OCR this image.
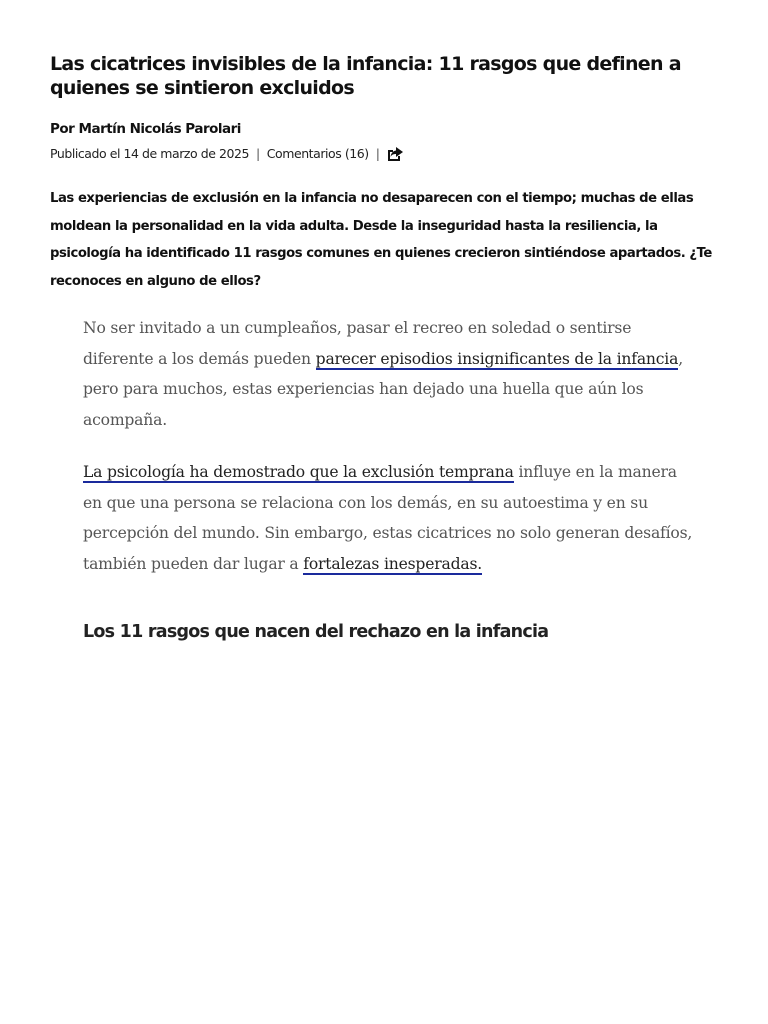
Las cicatrices invisibles de la infancia: 11 rasgos que definen a quienes se sintieron excluidos
Por Martín Nicolás Parolari
Publicado el 14 de marzo de 2025 | Comentarios (16) |

Las experiencias de exclusión en la infancia no desaparecen con el tiempo; muchas de ellas moldean la personalidad en la vida adulta. Desde la inseguridad hasta la resiliencia, la psicología ha identificado 11 rasgos comunes en quienes crecieron sintiéndose apartados. ¿Te reconoces en alguno de ellos?

No ser invitado a un cumpleaños, pasar el recreo en soledad o sentirse diferente a los demás pueden parecer episodios insignificantes de la infancia, pero para muchos, estas experiencias han dejado una huella que aún los acompaña.

La psicología ha demostrado que la exclusión temprana influye en la manera en que una persona se relaciona con los demás, en su autoestima y en su percepción del mundo. Sin embargo, estas cicatrices no solo generan desafíos, también pueden dar lugar a fortalezas inesperadas.

Los 11 rasgos que nacen del rechazo en la infancia
